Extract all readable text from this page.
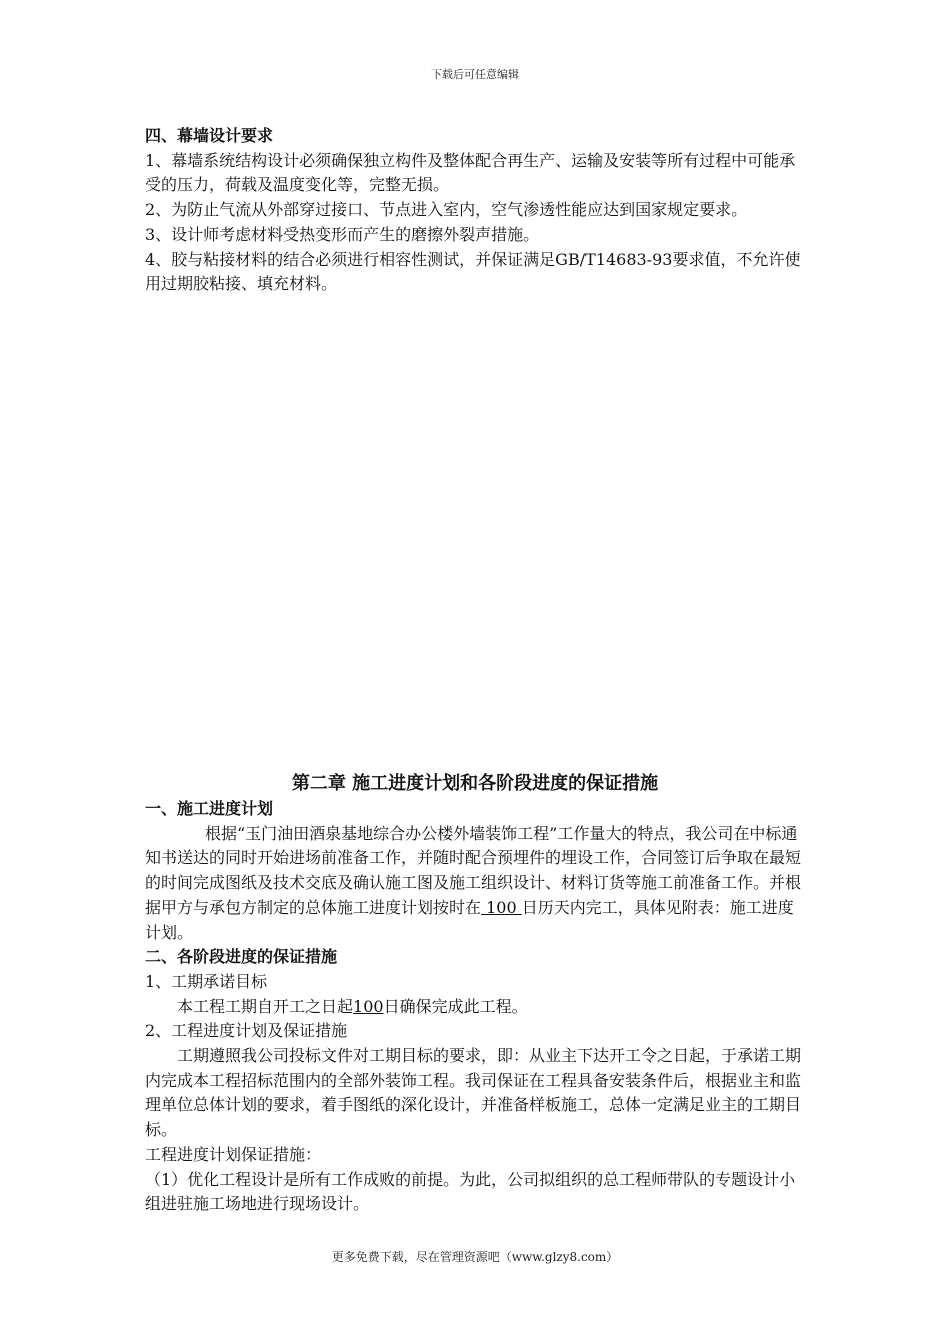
下载后可任意编辑

四、幕墙设计要求

1、幕墙系统结构设计必须确保独立构件及整体配合再生产、运输及安装等所有过程中可能承受的压力，荷载及温度变化等，完整无损。

2、为防止气流从外部穿过接口、节点进入室内，空气渗透性能应达到国家规定要求。

3、设计师考虑材料受热变形而产生的磨擦外裂声措施。

4、胶与粘接材料的结合必须进行相容性测试，并保证满足GB/T14683-93要求值，不允许使用过期胶粘接、填充材料。

第二章 施工进度计划和各阶段进度的保证措施

一、施工进度计划

根据“玉门油田酒泉基地综合办公楼外墙装饰工程”工作量大的特点，我公司在中标通知书送达的同时开始进场前准备工作，并随时配合预埋件的埋设工作，合同签订后争取在最短的时间完成图纸及技术交底及确认施工图及施工组织设计、材料订货等施工前准备工作。并根据甲方与承包方制定的总体施工进度计划按时在 100 日历天内完工，具体见附表：施工进度计划。

二、各阶段进度的保证措施

1、工期承诺目标

本工程工期自开工之日起100日确保完成此工程。

2、工程进度计划及保证措施

工期遵照我公司投标文件对工期目标的要求，即：从业主下达开工令之日起，于承诺工期内完成本工程招标范围内的全部外装饰工程。我司保证在工程具备安装条件后，根据业主和监理单位总体计划的要求，着手图纸的深化设计，并准备样板施工，总体一定满足业主的工期目标。

工程进度计划保证措施：

（1）优化工程设计是所有工作成败的前提。为此，公司拟组织的总工程师带队的专题设计小组进驻施工场地进行现场设计。

更多免费下载，尽在管理资源吧（www.glzy8.com）
